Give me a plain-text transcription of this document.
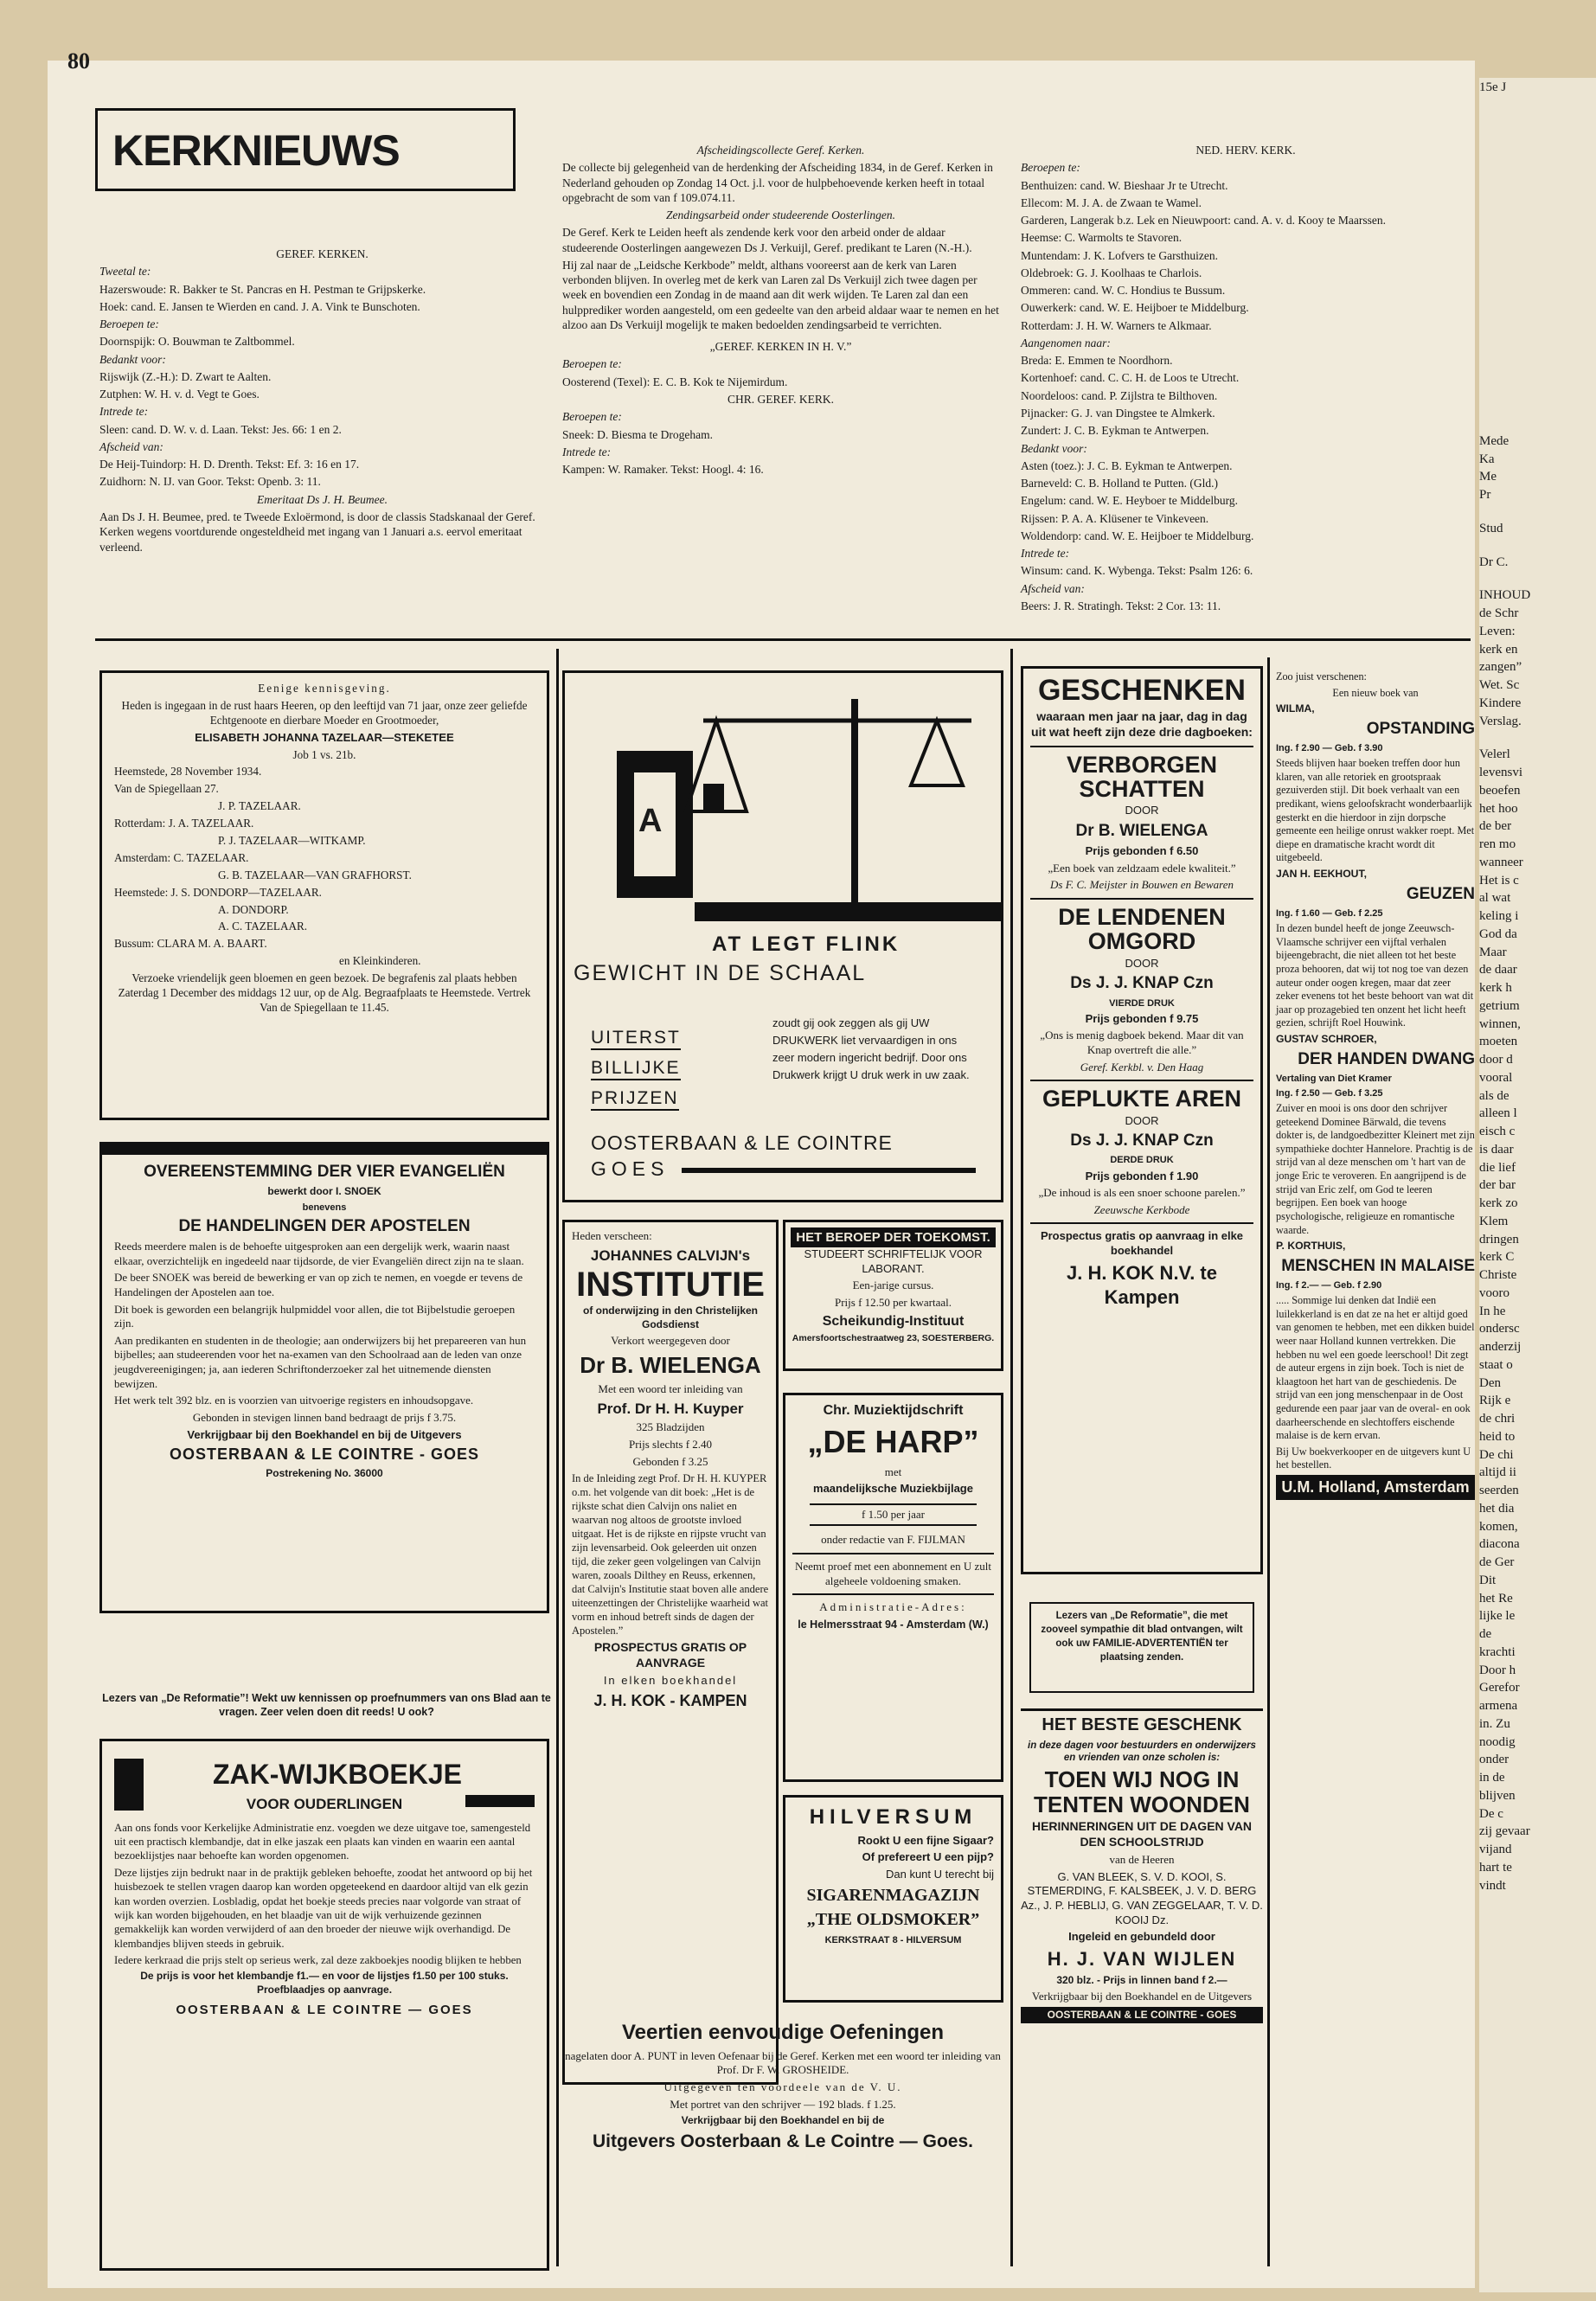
15e J
Mede
Ka
Me
Pr
Stud
Dr C.
INHOUD
de Schr
Leven:
kerk en
zangen”
Wet. Sc
Kindere
Verslag.
Velerl
levensvi
beoefen
het hoo
de ber
ren mo
wanneer
Het is c
al wat
keling i
God da
Maar
de daar
kerk h
getrium
winnen,
moeten
door d
vooral
als de
alleen l
eisch c
is daar
die lief
der bar
kerk zo
Klem
dringen
kerk C
Christe
vooro
In he
ondersc
anderzij
staat o
Den
Rijk e
de chri
heid to
De chi
altijd ii
seerden
het dia
komen,
diacona
de Ger
Dit
het Re
lijke le
de
krachti
Door h
Gerefor
armena
in. Zu
noodig
onder
in de
blijven
De c
zij gevaar
vijand
hart te
vindt
80
KERKNIEUWS

GEREF. KERKEN.

Tweetal te:

Hazerswoude: R. Bakker te St. Pancras en H. Pestman te Grijpskerke.

Hoek: cand. E. Jansen te Wierden en cand. J. A. Vink te Bunschoten.

Beroepen te:

Doornspijk: O. Bouwman te Zaltbommel.

Bedankt voor:

Rijswijk (Z.-H.): D. Zwart te Aalten.

Zutphen: W. H. v. d. Vegt te Goes.

Intrede te:

Sleen: cand. D. W. v. d. Laan. Tekst: Jes. 66: 1 en 2.

Afscheid van:

De Heij-Tuindorp: H. D. Drenth. Tekst: Ef. 3: 16 en 17.

Zuidhorn: N. IJ. van Goor. Tekst: Openb. 3: 11.

Emeritaat Ds J. H. Beumee.

Aan Ds J. H. Beumee, pred. te Tweede Exloërmond, is door de classis Stadskanaal der Geref. Kerken wegens voortdurende ongesteldheid met ingang van 1 Januari a.s. eervol emeritaat verleend.

Afscheidingscollecte Geref. Kerken.

De collecte bij gelegenheid van de herdenking der Afscheiding 1834, in de Geref. Kerken in Nederland gehouden op Zondag 14 Oct. j.l. voor de hulpbehoevende kerken heeft in totaal opgebracht de som van f 109.074.11.

Zendingsarbeid onder studeerende Oosterlingen.

De Geref. Kerk te Leiden heeft als zendende kerk voor den arbeid onder de aldaar studeerende Oosterlingen aangewezen Ds J. Verkuijl, Geref. predikant te Laren (N.-H.).

Hij zal naar de „Leidsche Kerkbode” meldt, althans vooreerst aan de kerk van Laren verbonden blijven. In overleg met de kerk van Laren zal Ds Verkuijl zich twee dagen per week en bovendien een Zondag in de maand aan dit werk wijden. Te Laren zal dan een hulpprediker worden aangesteld, om een gedeelte van den arbeid aldaar waar te nemen en het alzoo aan Ds Verkuijl mogelijk te maken bedoelden zendingsarbeid te verrichten.

„GEREF. KERKEN IN H. V.”

Beroepen te:

Oosterend (Texel): E. C. B. Kok te Nijemirdum.

CHR. GEREF. KERK.

Beroepen te:

Sneek: D. Biesma te Drogeham.

Intrede te:

Kampen: W. Ramaker. Tekst: Hoogl. 4: 16.

NED. HERV. KERK.

Beroepen te:

Benthuizen: cand. W. Bieshaar Jr te Utrecht.

Ellecom: M. J. A. de Zwaan te Wamel.

Garderen, Langerak b.z. Lek en Nieuwpoort: cand. A. v. d. Kooy te Maarssen.

Heemse: C. Warmolts te Stavoren.

Muntendam: J. K. Lofvers te Garsthuizen.

Oldebroek: G. J. Koolhaas te Charlois.

Ommeren: cand. W. C. Hondius te Bussum.

Ouwerkerk: cand. W. E. Heijboer te Middelburg.

Rotterdam: J. H. W. Warners te Alkmaar.

Aangenomen naar:

Breda: E. Emmen te Noordhorn.

Kortenhoef: cand. C. C. H. de Loos te Utrecht.

Noordeloos: cand. P. Zijlstra te Bilthoven.

Pijnacker: G. J. van Dingstee te Almkerk.

Zundert: J. C. B. Eykman te Antwerpen.

Bedankt voor:

Asten (toez.): J. C. B. Eykman te Antwerpen.

Barneveld: C. B. Holland te Putten. (Gld.)

Engelum: cand. W. E. Heyboer te Middelburg.

Rijssen: P. A. A. Klüsener te Vinkeveen.

Woldendorp: cand. W. E. Heijboer te Middelburg.

Intrede te:

Winsum: cand. K. Wybenga. Tekst: Psalm 126: 6.

Afscheid van:

Beers: J. R. Stratingh. Tekst: 2 Cor. 13: 11.

Eenige kennisgeving.

Heden is ingegaan in de rust haars Heeren, op den leeftijd van 71 jaar, onze zeer geliefde Echtgenoote en dierbare Moeder en Grootmoeder,

ELISABETH JOHANNA TAZELAAR—STEKETEE

Job 1 vs. 21b.

Heemstede, 28 November 1934.

Van de Spiegellaan 27.

J. P. TAZELAAR.

Rotterdam: J. A. TAZELAAR.

P. J. TAZELAAR—WITKAMP.

Amsterdam: C. TAZELAAR.

G. B. TAZELAAR—VAN GRAFHORST.

Heemstede: J. S. DONDORP—TAZELAAR.

A. DONDORP.

A. C. TAZELAAR.

Bussum: CLARA M. A. BAART.

en Kleinkinderen.

Verzoeke vriendelijk geen bloemen en geen bezoek. De begrafenis zal plaats hebben Zaterdag 1 December des middags 12 uur, op de Alg. Begraafplaats te Heemstede. Vertrek Van de Spiegellaan te 11.45.

OVEREENSTEMMING DER VIER EVANGELIËN

bewerkt door I. SNOEK

benevens

DE HANDELINGEN DER APOSTELEN

Reeds meerdere malen is de behoefte uitgesproken aan een dergelijk werk, waarin naast elkaar, overzichtelijk en ingedeeld naar tijdsorde, de vier Evangeliën direct zijn na te slaan.

De beer SNOEK was bereid de bewerking er van op zich te nemen, en voegde er tevens de Handelingen der Apostelen aan toe.

Dit boek is geworden een belangrijk hulpmiddel voor allen, die tot Bijbelstudie geroepen zijn.

Aan predikanten en studenten in de theologie; aan onderwijzers bij het prepareeren van hun bijbelles; aan studeerenden voor het na-examen van den Schoolraad aan de leden van onze jeugdvereenigingen; ja, aan iederen Schriftonderzoeker zal het uitnemende diensten bewijzen.

Het werk telt 392 blz. en is voorzien van uitvoerige registers en inhoudsopgave.

Gebonden in stevigen linnen band bedraagt de prijs f 3.75.

Verkrijgbaar bij den Boekhandel en bij de Uitgevers

OOSTERBAAN & LE COINTRE - GOES

Postrekening No. 36000

Lezers van „De Reformatie”! Wekt uw kennissen op proefnummers van ons Blad aan te vragen. Zeer velen doen dit reeds! U ook?

ZAK-WIJKBOEKJE

VOOR OUDERLINGEN

Aan ons fonds voor Kerkelijke Administratie enz. voegden we deze uitgave toe, samengesteld uit een practisch klembandje, dat in elke jaszak een plaats kan vinden en waarin een aantal bezoeklijstjes naar behoefte kan worden opgenomen.

Deze lijstjes zijn bedrukt naar in de praktijk gebleken behoefte, zoodat het antwoord op bij het huisbezoek te stellen vragen daarop kan worden opgeteekend en daardoor altijd van elk gezin kan worden overzien. Losbladig, opdat het boekje steeds precies naar volgorde van straat of wijk kan worden bijgehouden, en het blaadje van uit de wijk verhuizende gezinnen gemakkelijk kan worden verwijderd of aan den broeder der nieuwe wijk overhandigd. De klembandjes blijven steeds in gebruik.

Iedere kerkraad die prijs stelt op serieus werk, zal deze zakboekjes noodig blijken te hebben

De prijs is voor het klembandje f1.— en voor de lijstjes f1.50 per 100 stuks. Proefblaadjes op aanvrage.

OOSTERBAAN & LE COINTRE — GOES

A
AT LEGT FLINK
GEWICHT IN DE SCHAAL
UITERST
BILLIJKE
PRIJZEN
zoudt gij ook zeggen als gij UW DRUKWERK liet vervaardigen in ons zeer modern ingericht bedrijf. Door ons Drukwerk krijgt U druk werk in uw zaak.
OOSTERBAAN & LE COINTRE
GOES

Heden verscheen:

JOHANNES CALVIJN's

INSTITUTIE

of onderwijzing in den Christelijken Godsdienst

Verkort weergegeven door

Dr B. WIELENGA

Met een woord ter inleiding van

Prof. Dr H. H. Kuyper

325 Bladzijden

Prijs slechts f 2.40

Gebonden f 3.25

In de Inleiding zegt Prof. Dr H. H. KUYPER o.m. het volgende van dit boek: „Het is de rijkste schat dien Calvijn ons naliet en waarvan nog altoos de grootste invloed uitgaat. Het is de rijkste en rijpste vrucht van zijn levensarbeid. Ook geleerden uit onzen tijd, die zeker geen volgelingen van Calvijn waren, zooals Dilthey en Reuss, erkennen, dat Calvijn's Institutie staat boven alle andere uiteenzettingen der Christelijke waarheid wat vorm en inhoud betreft sinds de dagen der Apostelen.”

PROSPECTUS GRATIS OP AANVRAGE

In elken boekhandel

J. H. KOK - KAMPEN

HET BEROEP DER TOEKOMST.

STUDEERT SCHRIFTELIJK VOOR LABORANT.

Een-jarige cursus.

Prijs f 12.50 per kwartaal.

Scheikundig-Instituut

Amersfoortschestraatweg 23, SOESTERBERG.

Chr. Muziektijdschrift

„DE HARP”

met

maandelijksche Muziekbijlage

f 1.50 per jaar

onder redactie van F. FIJLMAN

Neemt proef met een abonnement en U zult algeheele voldoening smaken.

Administratie-Adres:

le Helmersstraat 94 - Amsterdam (W.)

HILVERSUM

Rookt U een fijne Sigaar?

Of prefereert U een pijp?

Dan kunt U terecht bij

SIGARENMAGAZIJN

„THE OLDSMOKER”

KERKSTRAAT 8 - HILVERSUM

Veertien eenvoudige Oefeningen

nagelaten door A. PUNT in leven Oefenaar bij de Geref. Kerken met een woord ter inleiding van Prof. Dr F. W. GROSHEIDE.

Uitgegeven ten voordeele van de V. U.

Met portret van den schrijver — 192 blads. f 1.25.

Verkrijgbaar bij den Boekhandel en bij de

Uitgevers Oosterbaan & Le Cointre — Goes.

GESCHENKEN

waaraan men jaar na jaar, dag in dag uit wat heeft zijn deze drie dagboeken:

VERBORGEN SCHATTEN

DOOR

Dr B. WIELENGA

Prijs gebonden f 6.50

„Een boek van zeldzaam edele kwaliteit.”

Ds F. C. Meijster in Bouwen en Bewaren

DE LENDENEN OMGORD

DOOR

Ds J. J. KNAP Czn

VIERDE DRUK

Prijs gebonden f 9.75

„Ons is menig dagboek bekend. Maar dit van Knap overtreft die alle.”

Geref. Kerkbl. v. Den Haag

GEPLUKTE AREN

DOOR

Ds J. J. KNAP Czn

DERDE DRUK

Prijs gebonden f 1.90

„De inhoud is als een snoer schoone parelen.”

Zeeuwsche Kerkbode

Prospectus gratis op aanvraag in elke boekhandel

J. H. KOK N.V. te Kampen

Lezers van „De Reformatie”, die met zooveel sympathie dit blad ontvangen, wilt ook uw FAMILIE-ADVERTENTIËN ter plaatsing zenden.

HET BESTE GESCHENK

in deze dagen voor bestuurders en onderwijzers en vrienden van onze scholen is:

TOEN WIJ NOG IN TENTEN WOONDEN

HERINNERINGEN UIT DE DAGEN VAN DEN SCHOOLSTRIJD

van de Heeren

G. VAN BLEEK, S. V. D. KOOI, S. STEMERDING, F. KALSBEEK, J. V. D. BERG Az., J. P. HEBLIJ, G. VAN ZEGGELAAR, T. V. D. KOOIJ Dz.

Ingeleid en gebundeld door

H. J. VAN WIJLEN

320 blz. - Prijs in linnen band f 2.—

Verkrijgbaar bij den Boekhandel en de Uitgevers

OOSTERBAAN & LE COINTRE - GOES

Zoo juist verschenen:

Een nieuw boek van

WILMA,

OPSTANDING

Ing. f 2.90 — Geb. f 3.90

Steeds blijven haar boeken treffen door hun klaren, van alle retoriek en grootspraak gezuiverden stijl. Dit boek verhaalt van een predikant, wiens geloofskracht wonderbaarlijk gesterkt en die hierdoor in zijn dorpsche gemeente een heilige onrust wakker roept. Met diepe en dramatische kracht wordt dit uitgebeeld.

JAN H. EEKHOUT,

GEUZEN

Ing. f 1.60 — Geb. f 2.25

In dezen bundel heeft de jonge Zeeuwsch-Vlaamsche schrijver een vijftal verhalen bijeengebracht, die niet alleen tot het beste proza behooren, dat wij tot nog toe van dezen auteur onder oogen kregen, maar dat zeer zeker evenens tot het beste behoort van wat dit jaar op prozagebied ten onzent het licht heeft gezien, schrijft Roel Houwink.

GUSTAV SCHROER,

DER HANDEN DWANG

Vertaling van Diet Kramer

Ing. f 2.50 — Geb. f 3.25

Zuiver en mooi is ons door den schrijver geteekend Dominee Bärwald, die tevens dokter is, de landgoedbezitter Kleinert met zijn sympathieke dochter Hannelore. Prachtig is de strijd van al deze menschen om 't hart van de jonge Eric te veroveren. En aangrijpend is de strijd van Eric zelf, om God te leeren begrijpen. Een boek van hooge psychologische, religieuze en romantische waarde.

P. KORTHUIS,

MENSCHEN IN MALAISE

Ing. f 2.— — Geb. f 2.90

..... Sommige lui denken dat Indië een luilekkerland is en dat ze na het er altijd goed van genomen te hebben, met een dikken buidel weer naar Holland kunnen vertrekken. Die hebben nu wel een goede leerschool! Dit zegt de auteur ergens in zijn boek. Toch is niet de klaagtoon het hart van de geschiedenis. De strijd van een jong menschenpaar in de Oost gedurende een paar jaar van de overal- en ook daarheerschende en slechtoffers eischende malaise is de kern ervan.

Bij Uw boekverkooper en de uitgevers kunt U het bestellen.

U.M. Holland, Amsterdam
